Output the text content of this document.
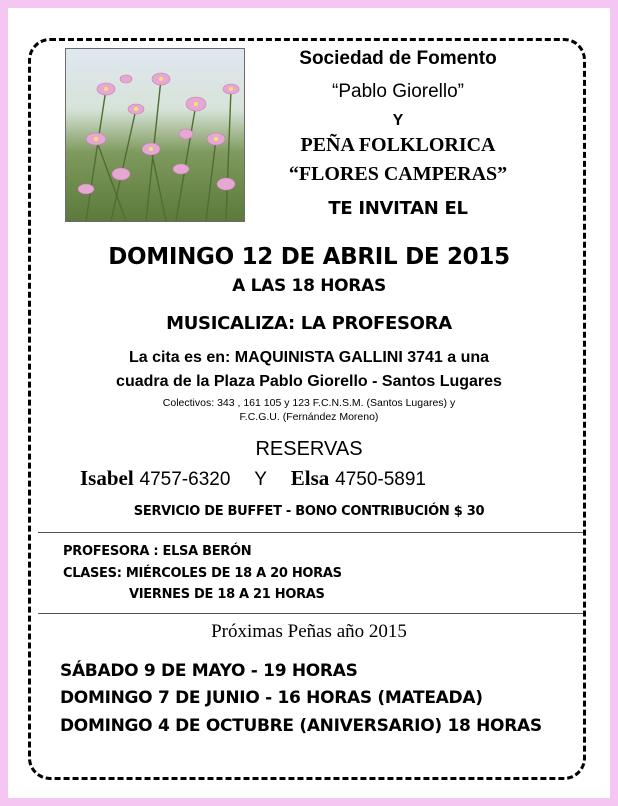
Sociedad de Fomento
“Pablo Giorello”
Y
PEÑA FOLKLORICA
“FLORES CAMPERAS”
TE INVITAN EL
DOMINGO 12 DE ABRIL DE 2015
A LAS 18 HORAS
MUSICALIZA: LA PROFESORA
La cita es en: MAQUINISTA GALLINI 3741 a una
cuadra de la Plaza Pablo Giorello - Santos Lugares
Colectivos: 343 , 161 105 y 123 F.C.N.S.M. (Santos Lugares) y
F.C.G.U. (Fernández Moreno)
RESERVAS
Isabel 4757-6320 Y Elsa 4750-5891
SERVICIO DE BUFFET - BONO CONTRIBUCIÓN $ 30
PROFESORA : ELSA BERÓN
CLASES: MIÉRCOLES DE 18 A 20 HORAS
VIERNES DE 18 A 21 HORAS
Próximas Peñas año 2015
SÁBADO 9 DE MAYO - 19 HORAS
DOMINGO 7 DE JUNIO - 16 HORAS (MATEADA)
DOMINGO 4 DE OCTUBRE (ANIVERSARIO) 18 HORAS
